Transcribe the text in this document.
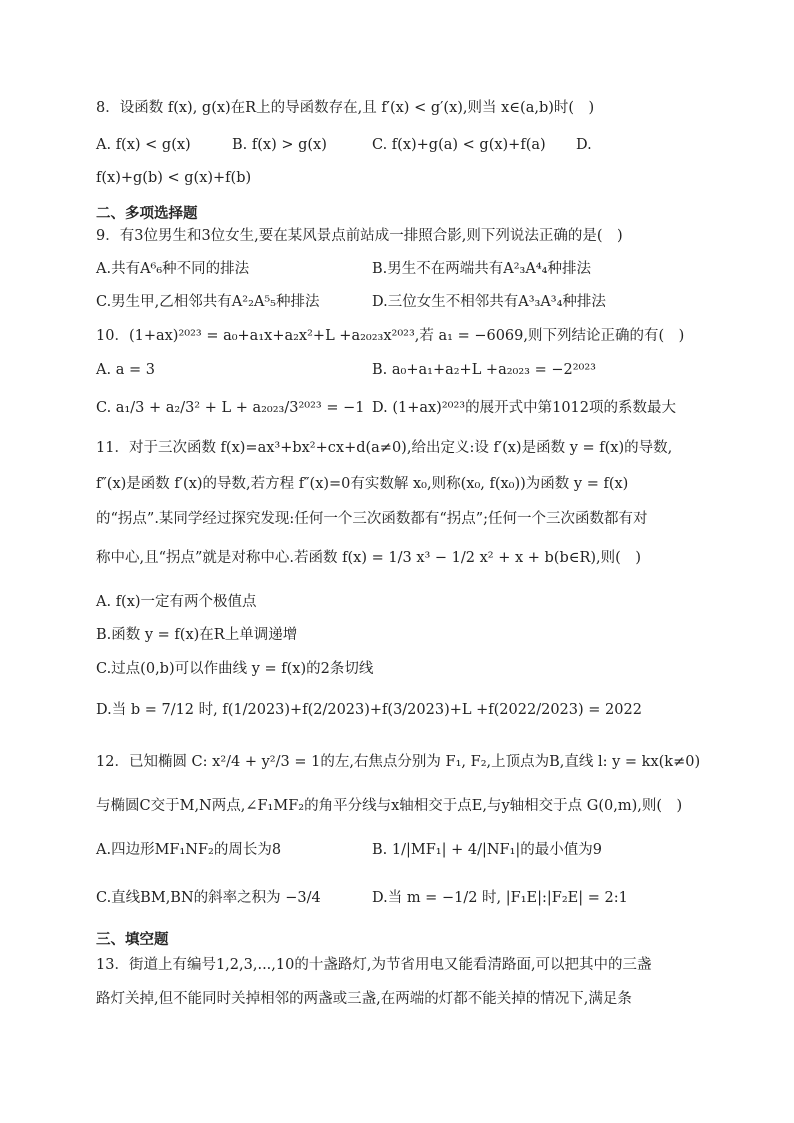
8．设函数 f(x), g(x)在R上的导函数存在,且 f′(x) < g′(x),则当 x∈(a,b)时(　)
A. f(x) < g(x)	B. f(x) > g(x)	C. f(x)+g(a) < g(x)+f(a) D.
f(x)+g(b) < g(x)+f(b)
二、多项选择题
9．有3位男生和3位女生,要在某风景点前站成一排照合影,则下列说法正确的是(　)
A.共有A⁶₆种不同的排法	B.男生不在两端共有A²₃A⁴₄种排法
C.男生甲,乙相邻共有A²₂A⁵₅种排法	D.三位女生不相邻共有A³₃A³₄种排法
10．(1+ax)²⁰²³ = a₀+a₁x+a₂x²+L +a₂₀₂₃x²⁰²³,若 a₁ = −6069,则下列结论正确的有(　)
A. a = 3	B. a₀+a₁+a₂+L +a₂₀₂₃ = −2²⁰²³
C. a₁/3 + a₂/3² + L + a₂₀₂₃/3²⁰²³ = −1 D. (1+ax)²⁰²³的展开式中第1012项的系数最大
11．对于三次函数 f(x)=ax³+bx²+cx+d(a≠0),给出定义:设 f′(x)是函数 y = f(x)的导数,
f″(x)是函数 f′(x)的导数,若方程 f″(x)=0有实数解 x₀,则称(x₀, f(x₀))为函数 y = f(x)
的“拐点”.某同学经过探究发现:任何一个三次函数都有“拐点”;任何一个三次函数都有对
称中心,且“拐点”就是对称中心.若函数 f(x) = 1/3 x³ − 1/2 x² + x + b(b∈R),则(　)
A. f(x)一定有两个极值点
B.函数 y = f(x)在R上单调递增
C.过点(0,b)可以作曲线 y = f(x)的2条切线
D.当 b = 7/12 时, f(1/2023)+f(2/2023)+f(3/2023)+L +f(2022/2023) = 2022
12．已知椭圆 C: x²/4 + y²/3 = 1的左,右焦点分别为 F₁, F₂,上顶点为B,直线 l: y = kx(k≠0)
与椭圆C交于M,N两点,∠F₁MF₂的角平分线与x轴相交于点E,与y轴相交于点 G(0,m),则(　)
A.四边形MF₁NF₂的周长为8	B. 1/|MF₁| + 4/|NF₁|的最小值为9
C.直线BM,BN的斜率之积为 −3/4	D.当 m = −1/2 时, |F₁E|:|F₂E| = 2:1
三、填空题
13．街道上有编号1,2,3,...,10的十盏路灯,为节省用电又能看清路面,可以把其中的三盏
路灯关掉,但不能同时关掉相邻的两盏或三盏,在两端的灯都不能关掉的情况下,满足条
